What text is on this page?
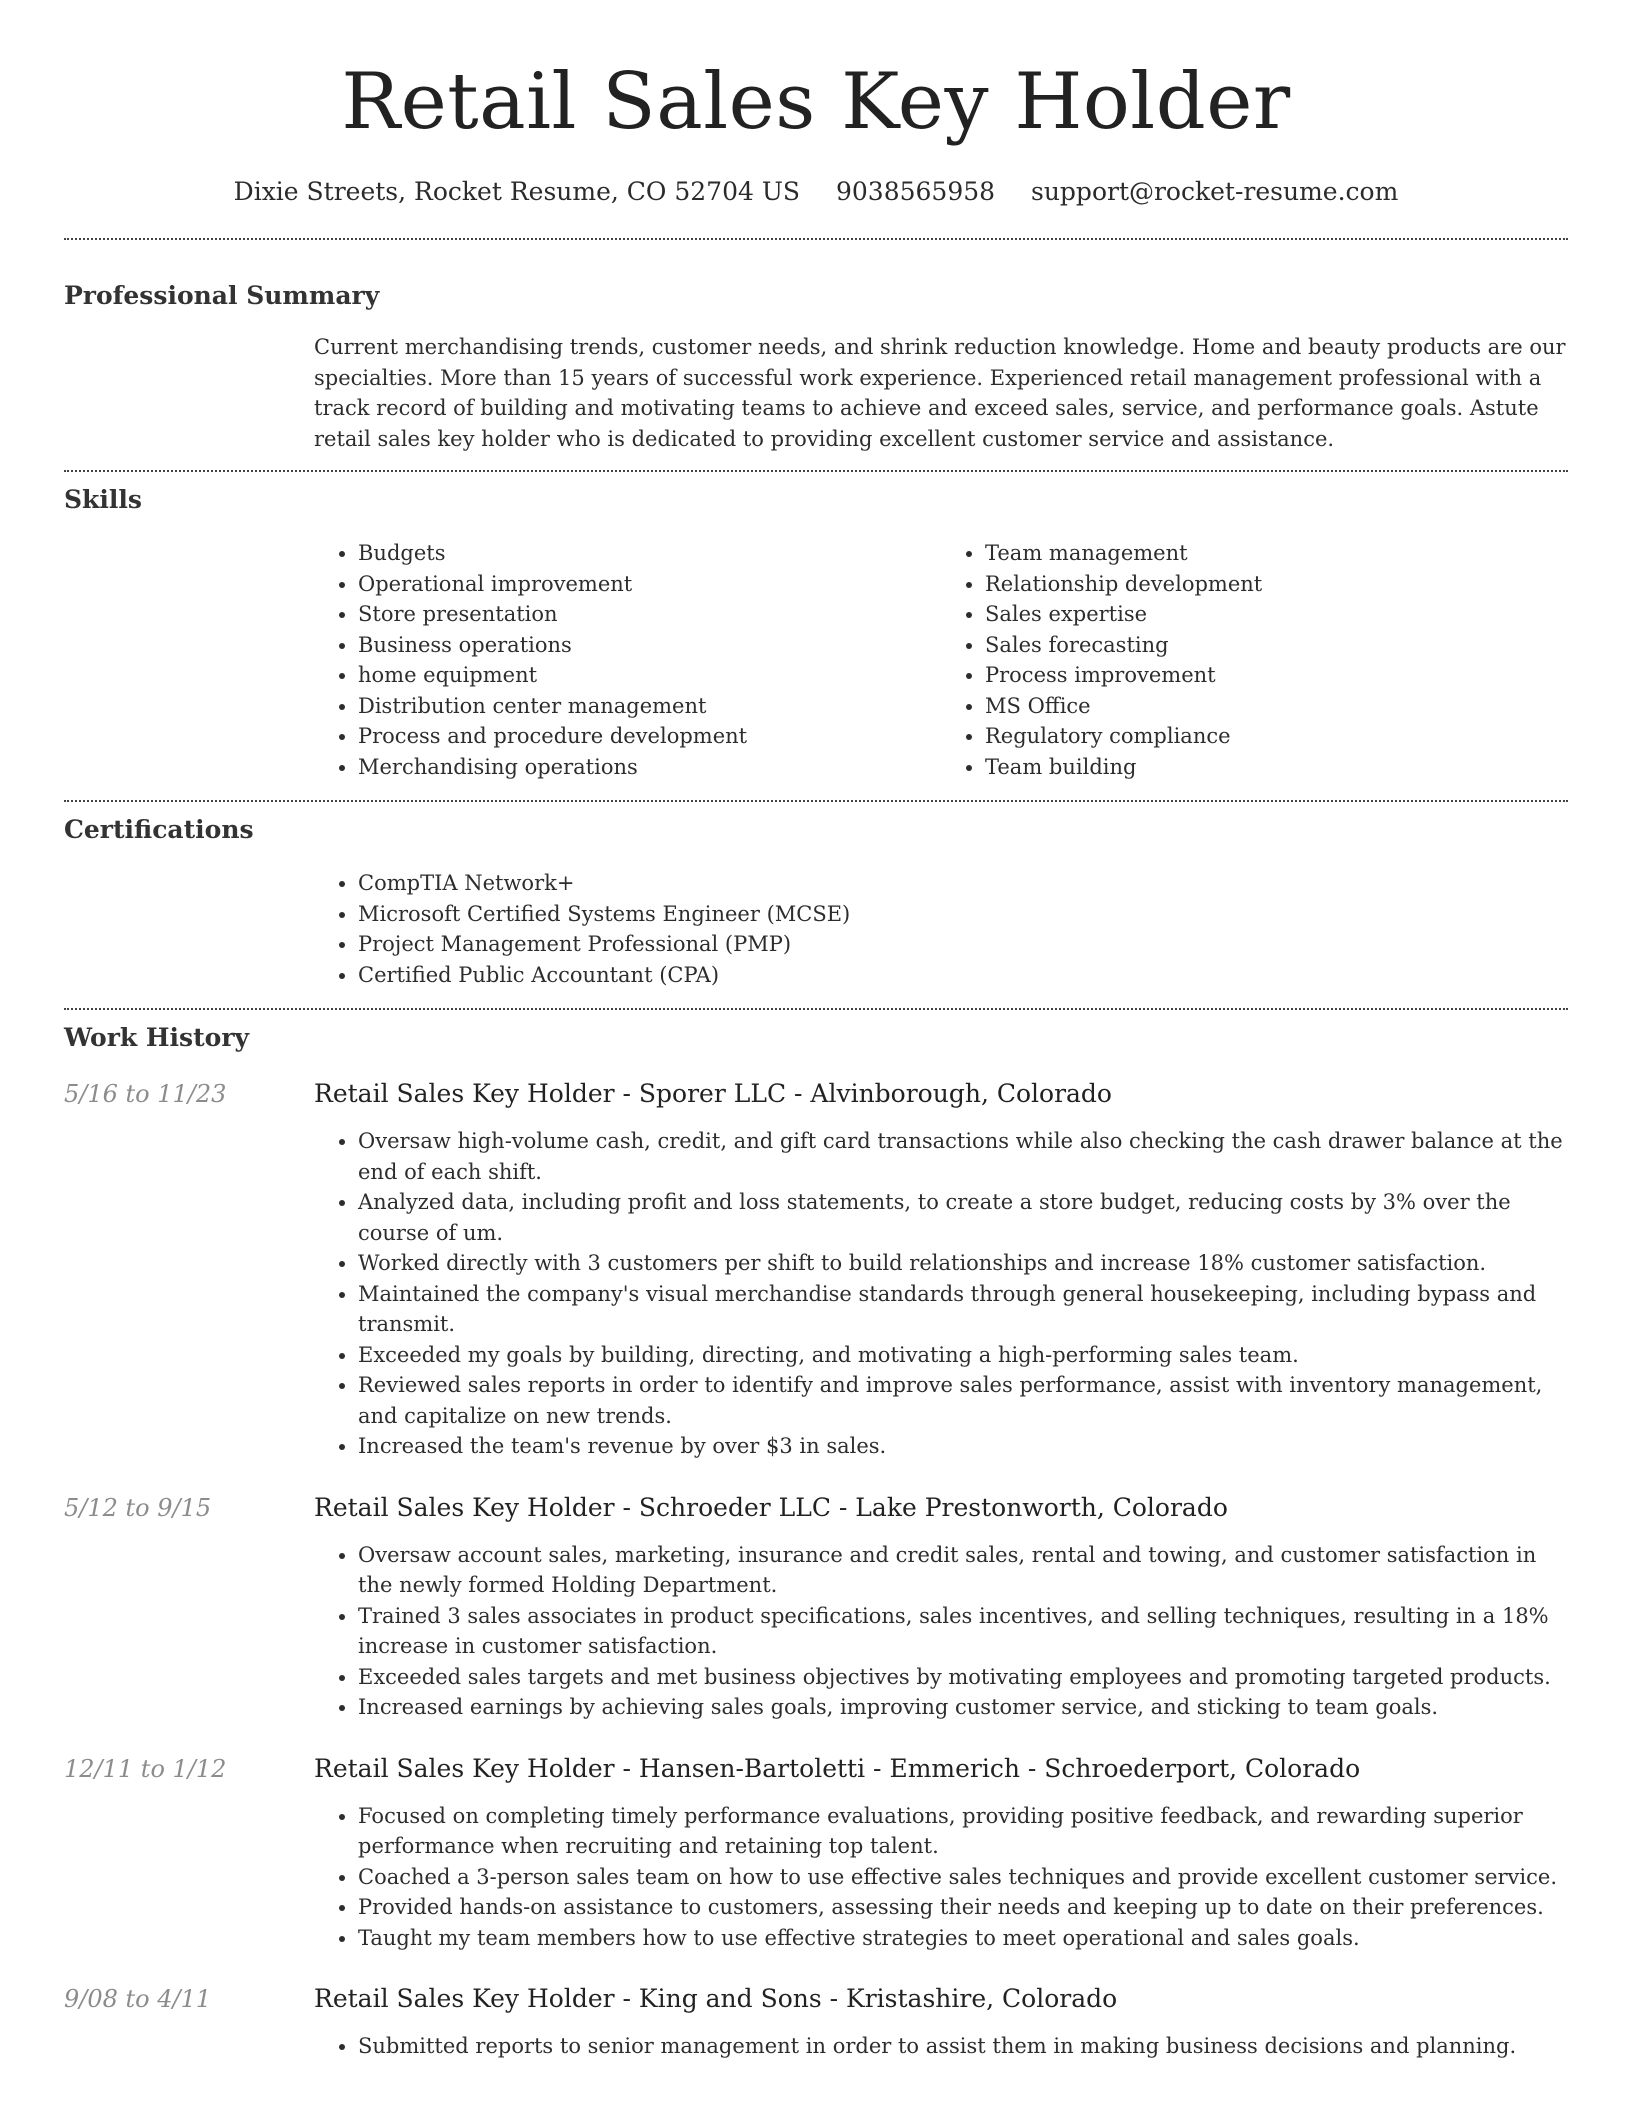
Retail Sales Key Holder
Dixie Streets, Rocket Resume, CO 52704 US 9038565958 support@rocket-resume.com
Professional Summary
Current merchandising trends, customer needs, and shrink reduction knowledge. Home and beauty products are our specialties. More than 15 years of successful work experience. Experienced retail management professional with a track record of building and motivating teams to achieve and exceed sales, service, and performance goals. Astute retail sales key holder who is dedicated to providing excellent customer service and assistance.
Skills
• Budgets
• Operational improvement
• Store presentation
• Business operations
• home equipment
• Distribution center management
• Process and procedure development
• Merchandising operations
• Team management
• Relationship development
• Sales expertise
• Sales forecasting
• Process improvement
• MS Office
• Regulatory compliance
• Team building
Certifications
• CompTIA Network+
• Microsoft Certified Systems Engineer (MCSE)
• Project Management Professional (PMP)
• Certified Public Accountant (CPA)
Work History
5/16 to 11/23	Retail Sales Key Holder - Sporer LLC - Alvinborough, Colorado
• Oversaw high-volume cash, credit, and gift card transactions while also checking the cash drawer balance at the end of each shift.
• Analyzed data, including profit and loss statements, to create a store budget, reducing costs by 3% over the course of um.
• Worked directly with 3 customers per shift to build relationships and increase 18% customer satisfaction.
• Maintained the company's visual merchandise standards through general housekeeping, including bypass and transmit.
• Exceeded my goals by building, directing, and motivating a high-performing sales team.
• Reviewed sales reports in order to identify and improve sales performance, assist with inventory management, and capitalize on new trends.
• Increased the team's revenue by over $3 in sales.
5/12 to 9/15	Retail Sales Key Holder - Schroeder LLC - Lake Prestonworth, Colorado
• Oversaw account sales, marketing, insurance and credit sales, rental and towing, and customer satisfaction in the newly formed Holding Department.
• Trained 3 sales associates in product specifications, sales incentives, and selling techniques, resulting in a 18% increase in customer satisfaction.
• Exceeded sales targets and met business objectives by motivating employees and promoting targeted products.
• Increased earnings by achieving sales goals, improving customer service, and sticking to team goals.
12/11 to 1/12	Retail Sales Key Holder - Hansen-Bartoletti - Emmerich - Schroederport, Colorado
• Focused on completing timely performance evaluations, providing positive feedback, and rewarding superior performance when recruiting and retaining top talent.
• Coached a 3-person sales team on how to use effective sales techniques and provide excellent customer service.
• Provided hands-on assistance to customers, assessing their needs and keeping up to date on their preferences.
• Taught my team members how to use effective strategies to meet operational and sales goals.
9/08 to 4/11	Retail Sales Key Holder - King and Sons - Kristashire, Colorado
• Submitted reports to senior management in order to assist them in making business decisions and planning.
